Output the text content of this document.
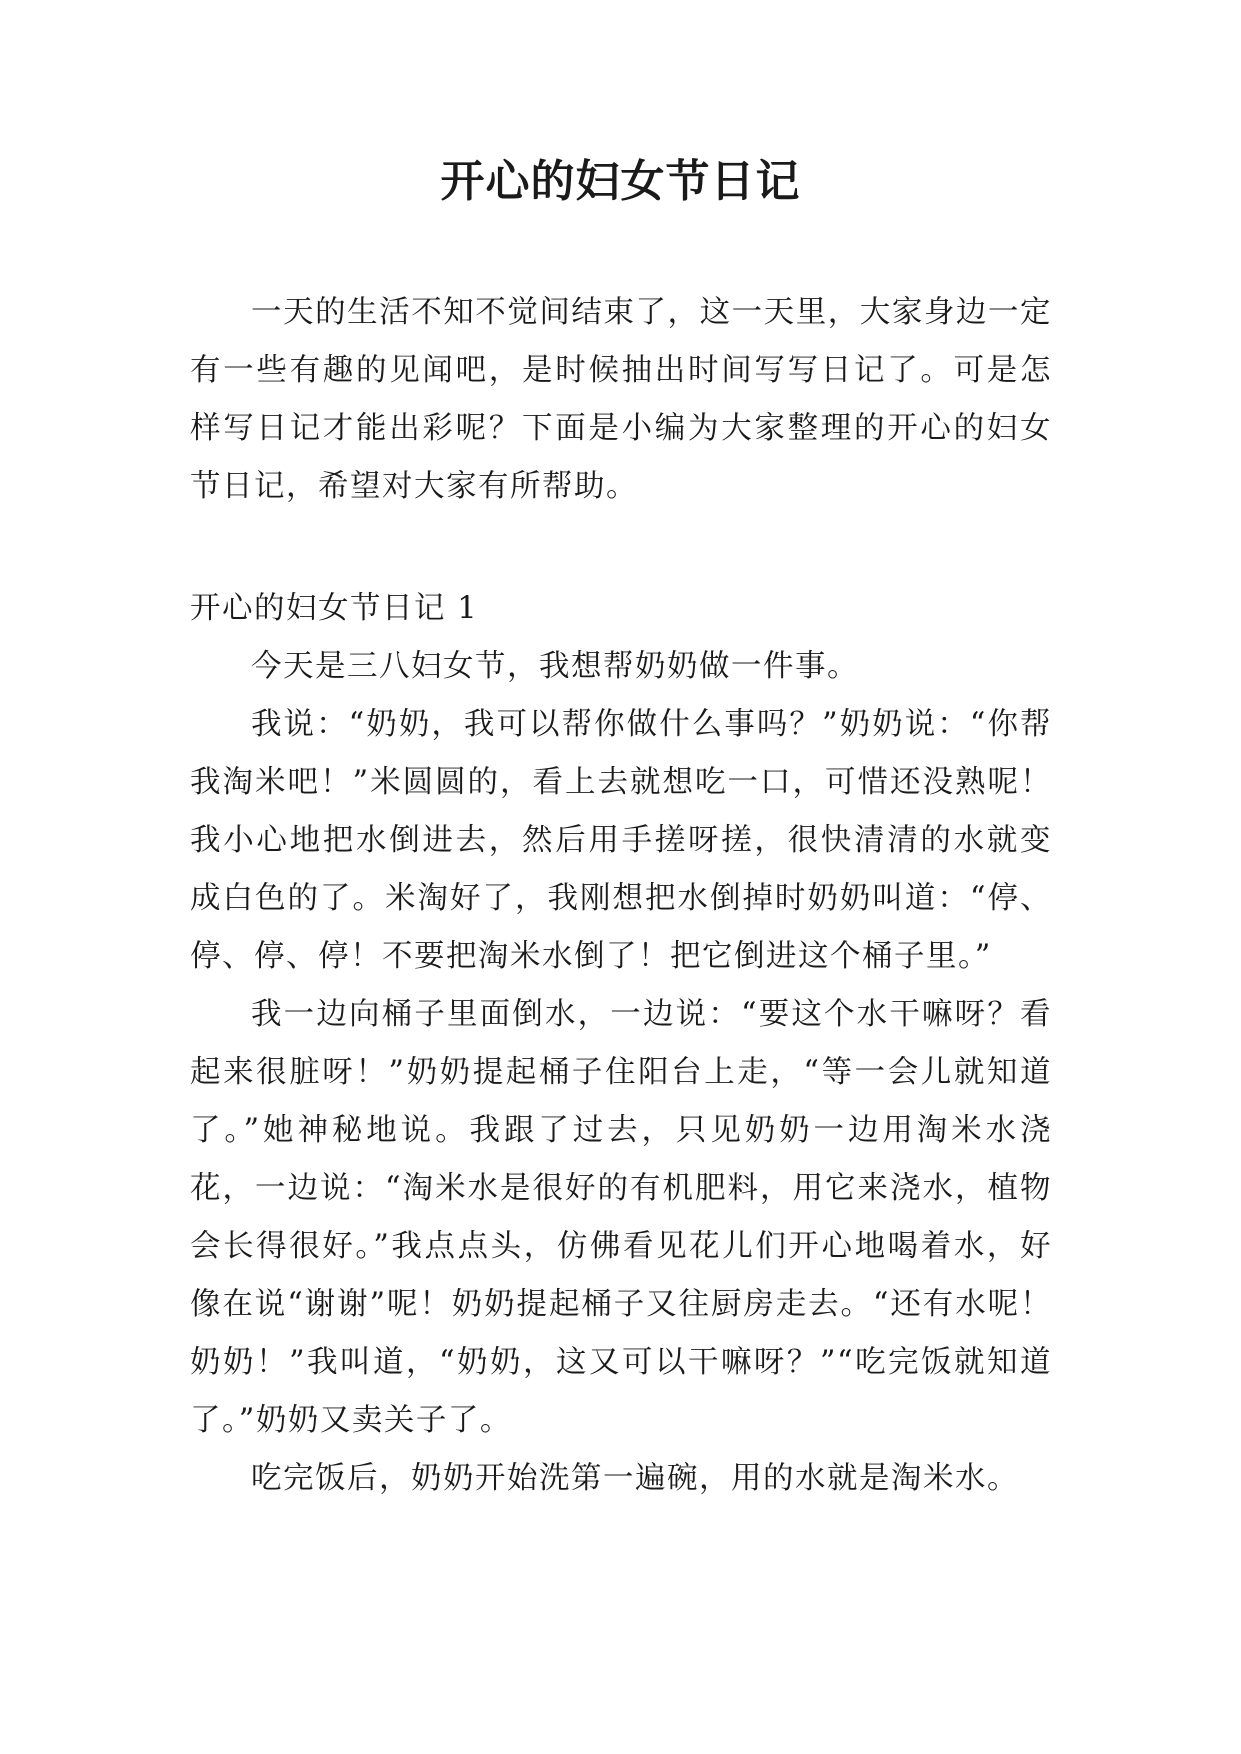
开心的妇女节日记

一天的生活不知不觉间结束了，这一天里，大家身边一定有一些有趣的见闻吧，是时候抽出时间写写日记了。可是怎样写日记才能出彩呢？下面是小编为大家整理的开心的妇女节日记，希望对大家有所帮助。

开心的妇女节日记 1

今天是三八妇女节，我想帮奶奶做一件事。

我说：“奶奶，我可以帮你做什么事吗？”奶奶说：“你帮我淘米吧！”米圆圆的，看上去就想吃一口，可惜还没熟呢！我小心地把水倒进去，然后用手搓呀搓，很快清清的水就变成白色的了。米淘好了，我刚想把水倒掉时奶奶叫道：“停、停、停、停！不要把淘米水倒了！把它倒进这个桶子里。”

我一边向桶子里面倒水，一边说：“要这个水干嘛呀？看起来很脏呀！”奶奶提起桶子住阳台上走，“等一会儿就知道了。”她神秘地说。我跟了过去，只见奶奶一边用淘米水浇花，一边说：“淘米水是很好的有机肥料，用它来浇水，植物会长得很好。”我点点头，仿佛看见花儿们开心地喝着水，好像在说“谢谢”呢！奶奶提起桶子又往厨房走去。“还有水呢！奶奶！”我叫道，“奶奶，这又可以干嘛呀？”“吃完饭就知道了。”奶奶又卖关子了。

吃完饭后，奶奶开始洗第一遍碗，用的水就是淘米水。
